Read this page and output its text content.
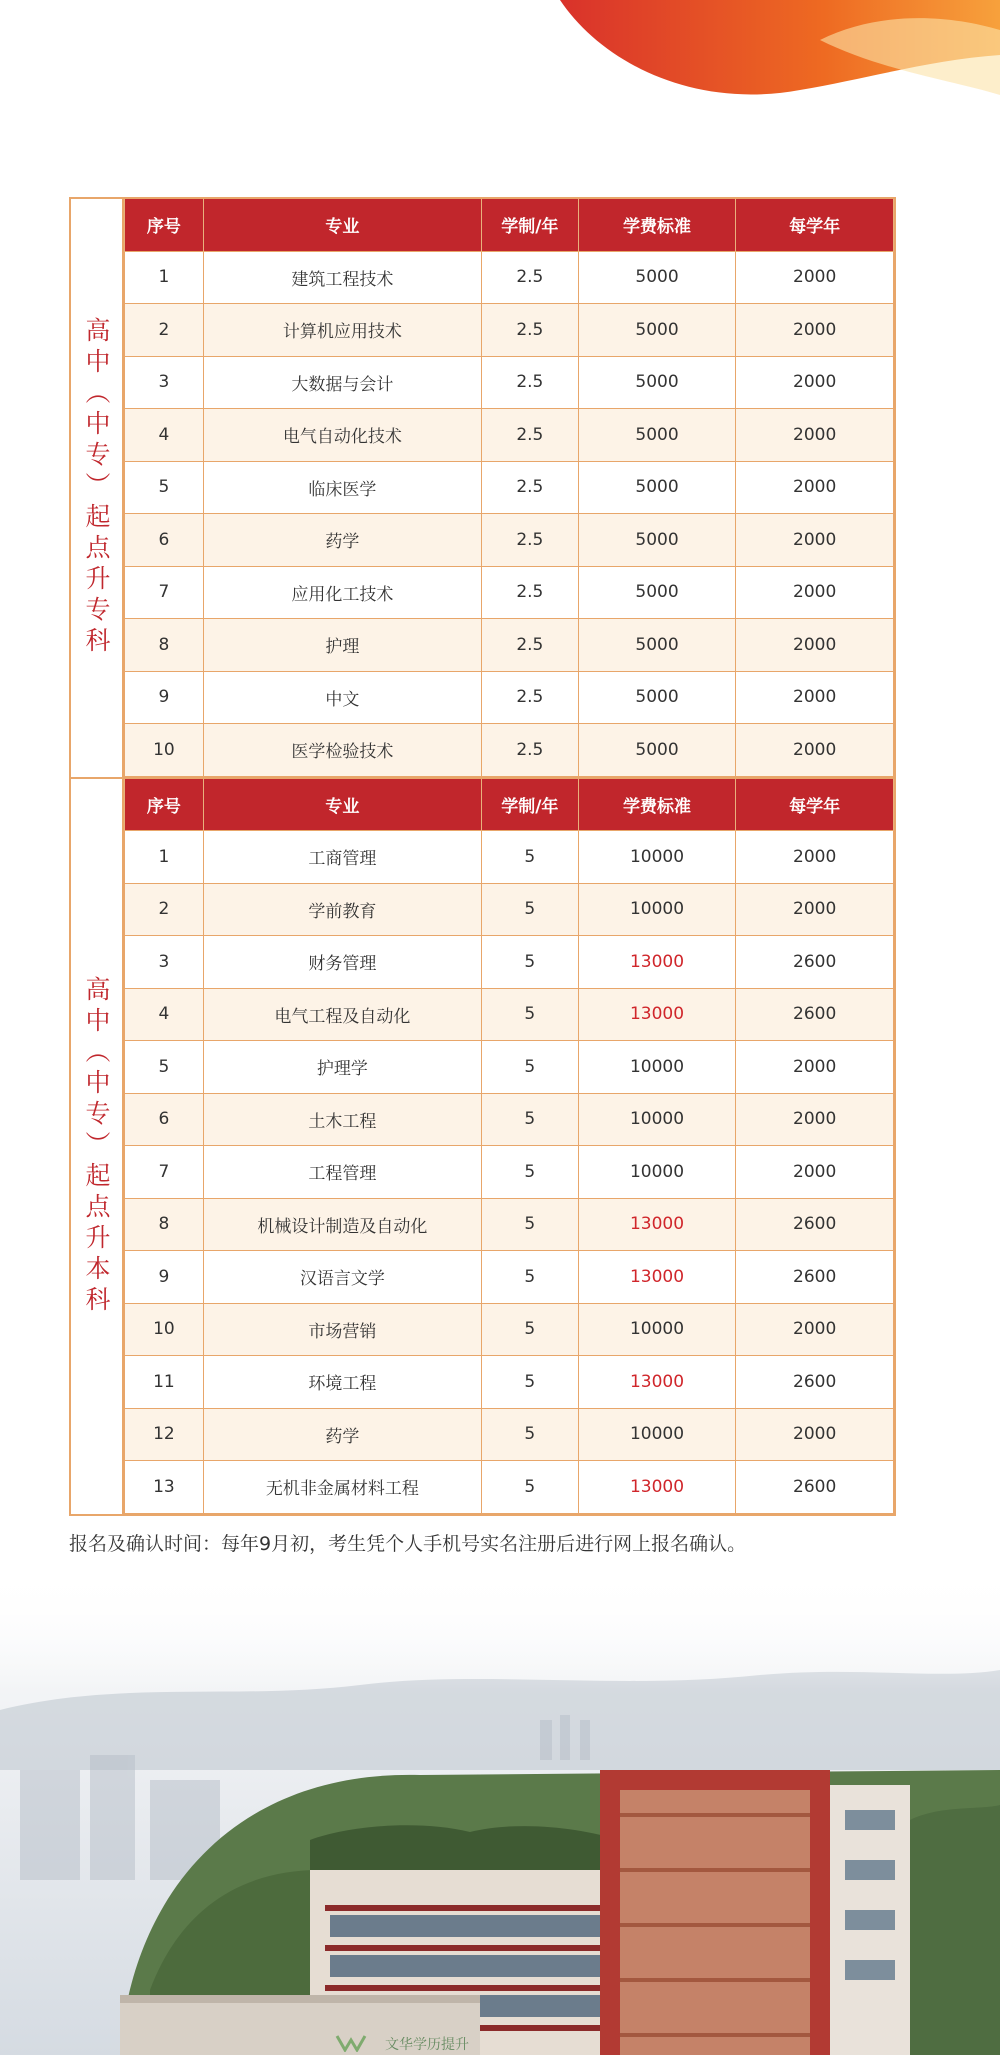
高中（中专）起点升专科
序号	专业	学制/年	学费标准	每学年
1	建筑工程技术	2.5	5000	2000
2	计算机应用技术	2.5	5000	2000
3	大数据与会计	2.5	5000	2000
4	电气自动化技术	2.5	5000	2000
5	临床医学	2.5	5000	2000
6	药学	2.5	5000	2000
7	应用化工技术	2.5	5000	2000
8	护理	2.5	5000	2000
9	中文	2.5	5000	2000
10	医学检验技术	2.5	5000	2000
高中（中专）起点升本科
序号	专业	学制/年	学费标准	每学年
1	工商管理	5	10000	2000
2	学前教育	5	10000	2000
3	财务管理	5	13000	2600
4	电气工程及自动化	5	13000	2600
5	护理学	5	10000	2000
6	土木工程	5	10000	2000
7	工程管理	5	10000	2000
8	机械设计制造及自动化	5	13000	2600
9	汉语言文学	5	13000	2600
10	市场营销	5	10000	2000
11	环境工程	5	13000	2600
12	药学	5	10000	2000
13	无机非金属材料工程	5	13000	2600

报名及确认时间：每年9月初，考生凭个人手机号实名注册后进行网上报名确认。

文华学历提升
